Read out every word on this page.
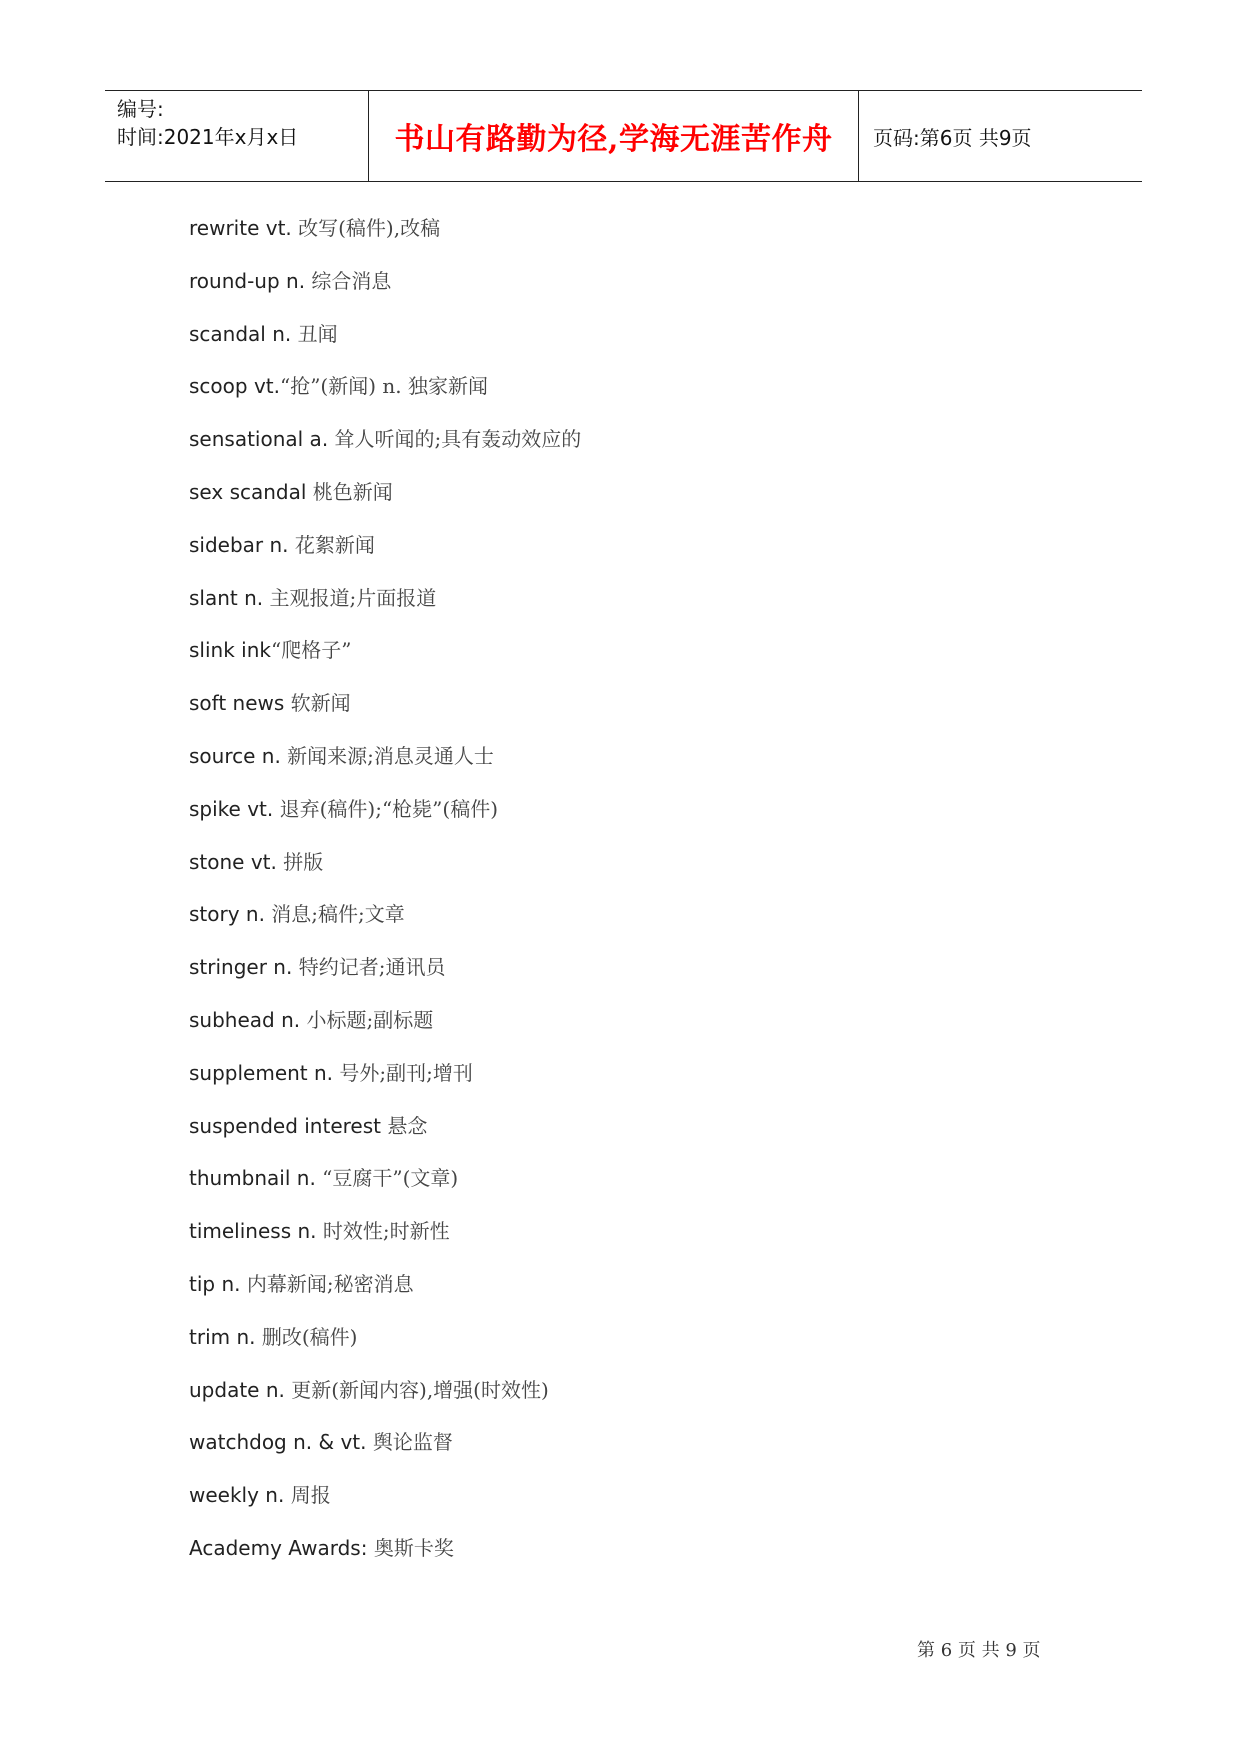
编号:
时间:2021年x月x日	书山有路勤为径,学海无涯苦作舟 页码:第6页 共9页
rewrite vt. 改写(稿件),改稿
round-up n. 综合消息
scandal n. 丑闻
scoop vt.“抢”(新闻) n. 独家新闻
sensational a. 耸人听闻的;具有轰动效应的
sex scandal 桃色新闻
sidebar n. 花絮新闻
slant n. 主观报道;片面报道
slink ink“爬格子”
soft news 软新闻
source n. 新闻来源;消息灵通人士
spike vt. 退弃(稿件);“枪毙”(稿件)
stone vt. 拼版
story n. 消息;稿件;文章
stringer n. 特约记者;通讯员
subhead n. 小标题;副标题
supplement n. 号外;副刊;增刊
suspended interest 悬念
thumbnail n. “豆腐干”(文章)
timeliness n. 时效性;时新性
tip n. 内幕新闻;秘密消息
trim n. 删改(稿件)
update n. 更新(新闻内容),增强(时效性)
watchdog n. & vt. 舆论监督
weekly n. 周报
Academy Awards: 奥斯卡奖
第 6 页 共 9 页
